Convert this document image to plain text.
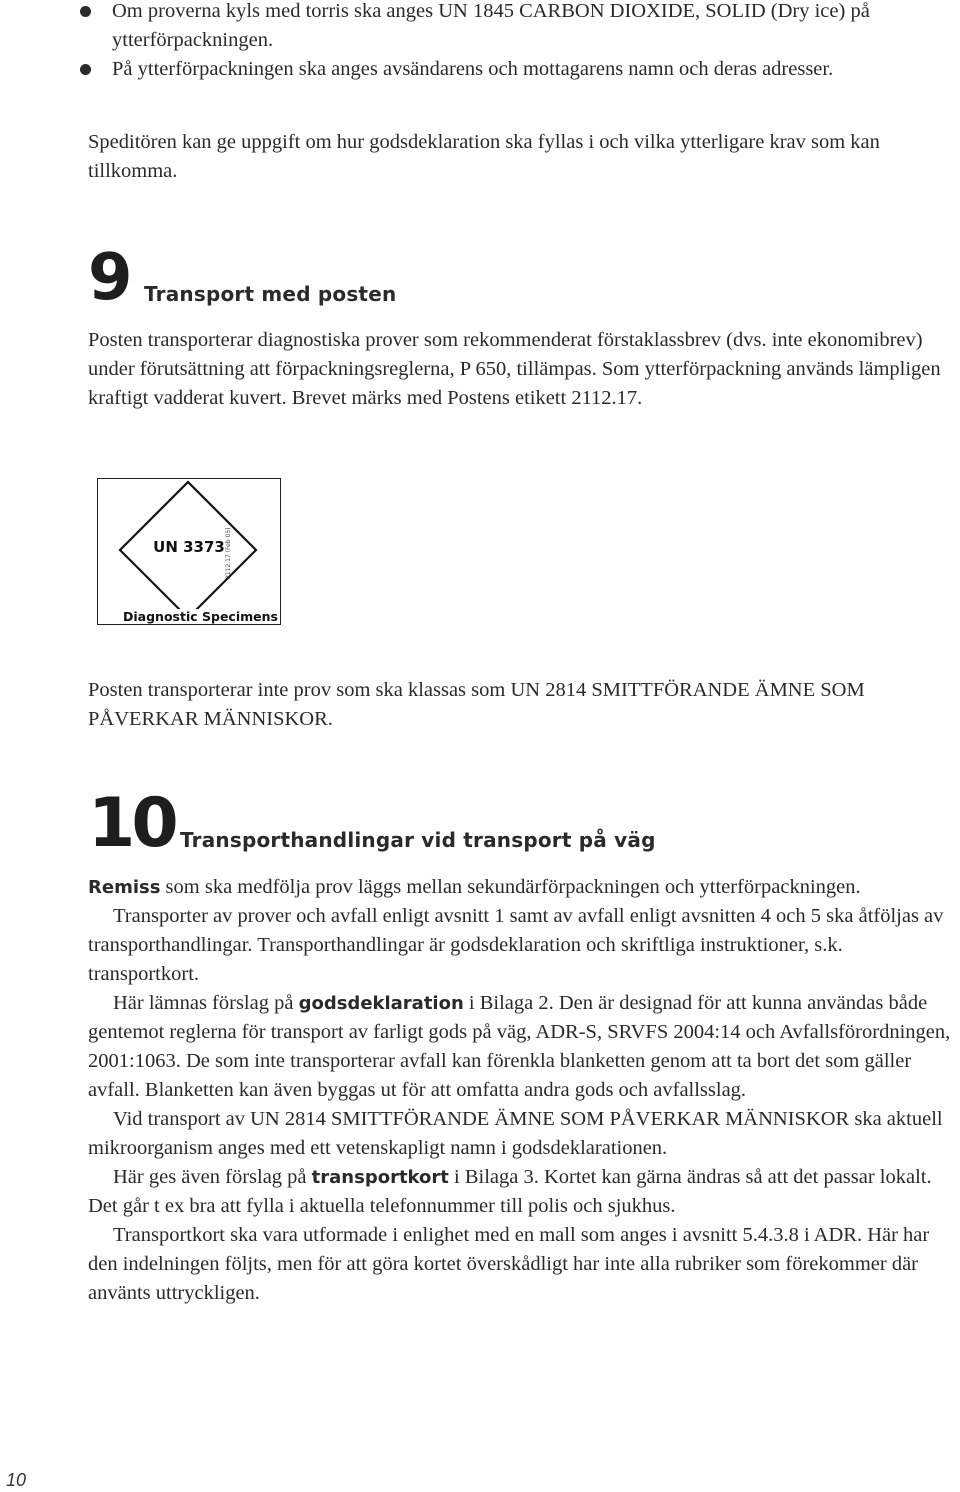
Om proverna kyls med torris ska anges UN 1845 CARBON DIOXIDE, SOLID (Dry ice) på ytterförpackningen.
På ytterförpackningen ska anges avsändarens och mottagarens namn och deras adresser.
Speditören kan ge uppgift om hur godsdeklaration ska fyllas i och vilka ytterligare krav som kan tillkomma.
9 Transport med posten
Posten transporterar diagnostiska prover som rekommenderat förstaklassbrev (dvs. inte ekonomibrev) under förutsättning att förpackningsreglerna, P 650, tillämpas. Som ytterförpackning används lämpligen kraftigt vadderat kuvert. Brevet märks med Postens etikett 2112.17.
UN 3373
Diagnostic Specimens
2112.17 (Feb 05)
Posten transporterar inte prov som ska klassas som UN 2814 SMITTFÖRANDE ÄMNE SOM PÅVERKAR MÄNNISKOR.
10 Transporthandlingar vid transport på väg

Remiss som ska medfölja prov läggs mellan sekundärförpackningen och ytterförpackningen.

Transporter av prover och avfall enligt avsnitt 1 samt av avfall enligt avsnitten 4 och 5 ska åtföljas av transporthandlingar. Transporthandlingar är godsdeklaration och skriftliga instruktioner, s.k. transportkort.

Här lämnas förslag på godsdeklaration i Bilaga 2. Den är designad för att kunna användas både gentemot reglerna för transport av farligt gods på väg, ADR-S, SRVFS 2004:14 och Avfallsförordningen, 2001:1063. De som inte transporterar avfall kan förenkla blanketten genom att ta bort det som gäller avfall. Blanketten kan även byggas ut för att omfatta andra gods och avfallsslag.

Vid transport av UN 2814 SMITTFÖRANDE ÄMNE SOM PÅVERKAR MÄNNISKOR ska aktuell mikroorganism anges med ett vetenskapligt namn i godsdeklarationen.

Här ges även förslag på transportkort i Bilaga 3. Kortet kan gärna ändras så att det passar lokalt. Det går t ex bra att fylla i aktuella telefonnummer till polis och sjukhus.

Transportkort ska vara utformade i enlighet med en mall som anges i avsnitt 5.4.3.8 i ADR. Här har den indelningen följts, men för att göra kortet överskådligt har inte alla rubriker som förekommer där använts uttryckligen.

10
